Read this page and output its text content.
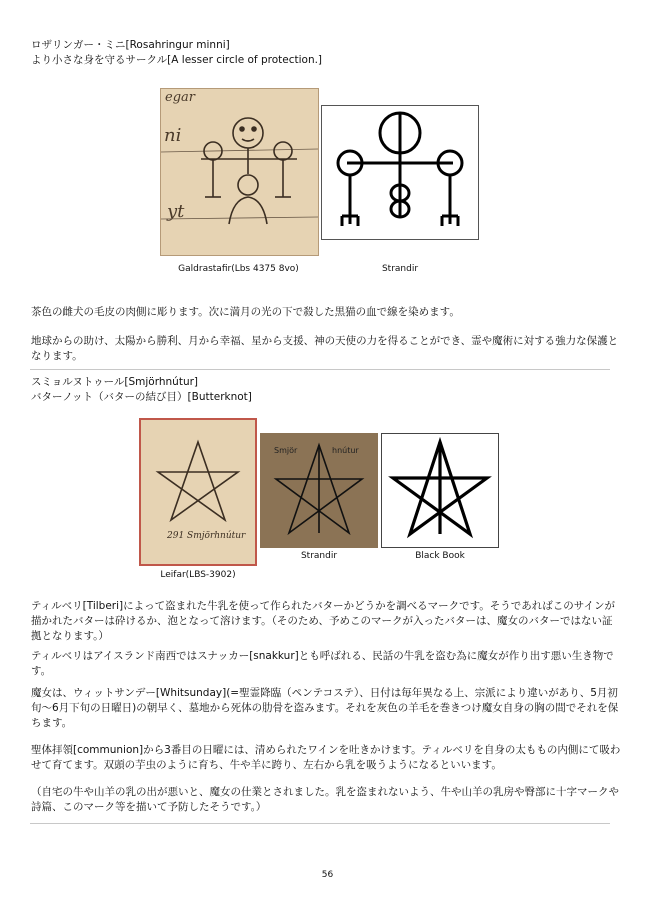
ロザリンガー・ミニ[Rosahringur minni]
より小さな身を守るサークル[A lesser circle of protection.]
egar
ni
yt
Galdrastafir(Lbs 4375 8vo)	Strandir
茶色の雌犬の毛皮の肉側に彫ります。次に満月の光の下で殺した黒猫の血で線を染めます。
地球からの助け、太陽から勝利、月から幸福、星から支援、神の天使の力を得ることができ、霊や魔術に対する強力な保護となります。
スミョルヌトゥール[Smjörhnútur]
バターノット（バターの結び目）[Butterknot]
291 Smjörhnútur
Smjör	hnútur
Strandir	Black Book
Leifar(LBS-3902)
ティルベリ[Tilberi]によって盗まれた牛乳を使って作られたバターかどうかを調べるマークです。そうであればこのサインが描かれたバターは砕けるか、泡となって溶けます。（そのため、予めこのマークが入ったバターは、魔女のバターではない証拠となります。）
ティルベリはアイスランド南西ではスナッカー[snakkur]とも呼ばれる、民話の牛乳を盗む為に魔女が作り出す悪い生き物です。
魔女は、ウィットサンデー[Whitsunday](=聖霊降臨（ペンテコステ）、日付は毎年異なる上、宗派により違いがあり、5月初旬〜6月下旬の日曜日)の朝早く、墓地から死体の肋骨を盗みます。それを灰色の羊毛を巻きつけ魔女自身の胸の間でそれを保ちます。
聖体拝領[communion]から3番目の日曜には、清められたワインを吐きかけます。ティルベリを自身の太ももの内側にて吸わせて育てます。双頭の芋虫のように育ち、牛や羊に跨り、左右から乳を吸うようになるといいます。
（自宅の牛や山羊の乳の出が悪いと、魔女の仕業とされました。乳を盗まれないよう、牛や山羊の乳房や臀部に十字マークや詩篇、このマーク等を描いて予防したそうです。）
56
